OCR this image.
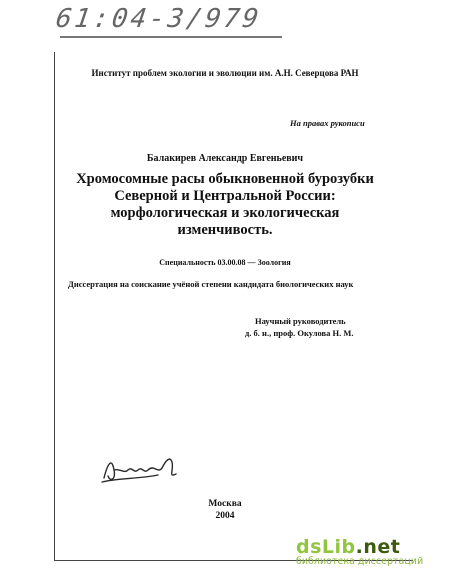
61:04-3/979
Институт проблем экологии и эволюции им. А.Н. Северцова РАН
На правах рукописи
Балакирев Александр Евгеньевич
Хромосомные расы обыкновенной бурозубки
Северной и Центральной России:
морфологическая и экологическая
изменчивость.
Специальность 03.00.08 — Зоология
Диссертация на соискание учёной степени кандидата биологических наук
Научный руководитель
д. б. н., проф. Окулова Н. М.
Москва
2004
dsLib.net
библиотека диссертаций
